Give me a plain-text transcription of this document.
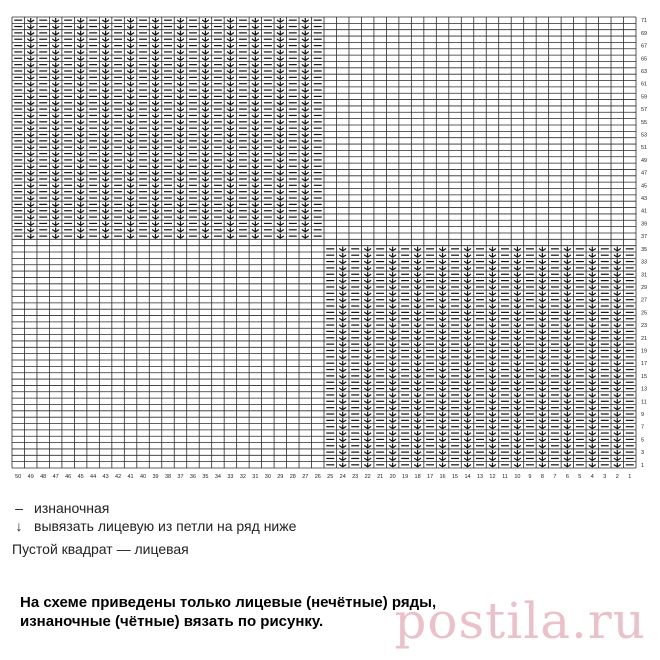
50 49 48 47 46 45 44 43 42 41 40 39 38 37 36 35 34 33 32 31 30 29 28 27 26 25 24 23 22 21 20 19 18 17 16 15 14 13 12 11 10 9 8 7 6 5 4 3 2 1
71
69
67
65
63
61
59
57
55
53
51
49
47
45
43
41
39
37
35
33
31
29
27
25
23
21
19
17
15
13
11
9
7
5
3
1
– изнаночная
↓ вывязать лицевую из петли на ряд ниже
Пустой квадрат — лицевая
На схеме приведены только лицевые (нечётные) ряды,
изнаночные (чётные) вязать по рисунку. postila.ru
